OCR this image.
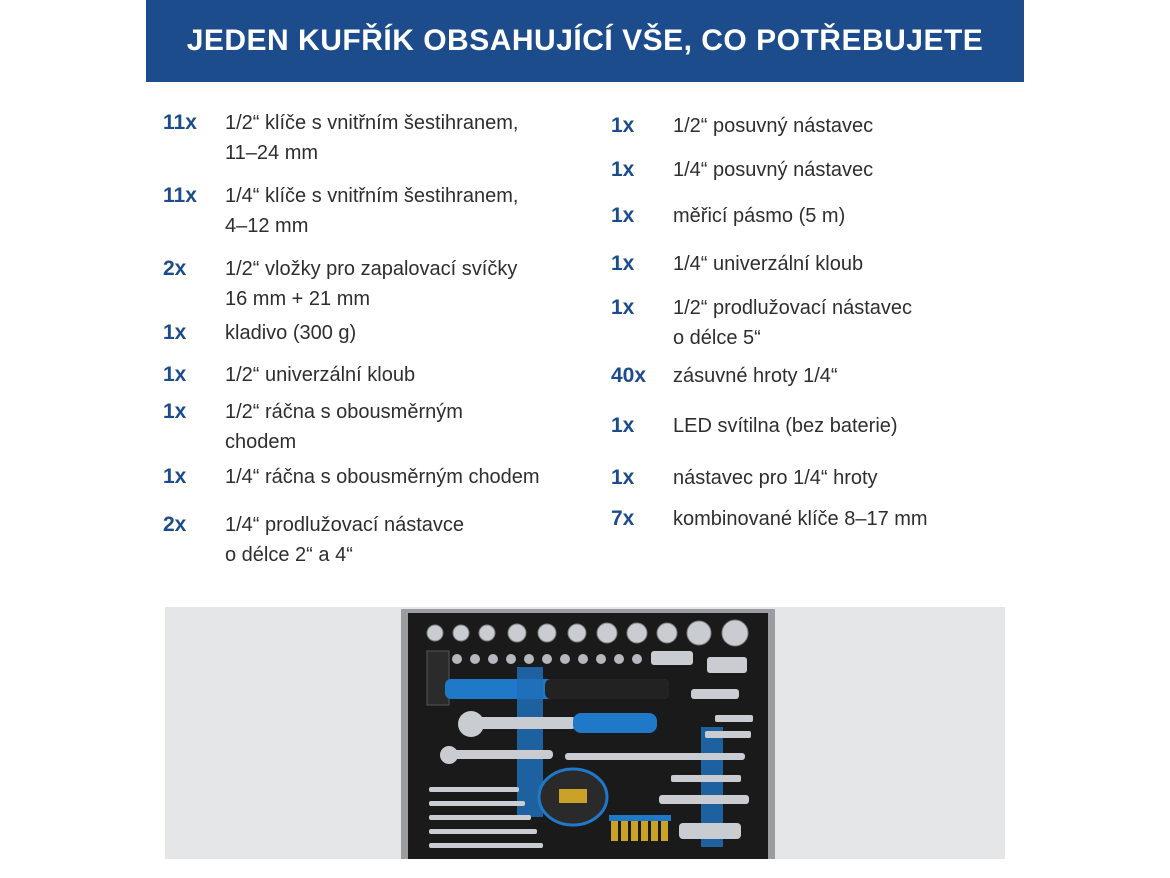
JEDEN KUFŘÍK OBSAHUJÍCÍ VŠE, CO POTŘEBUJETE
11x	1/2“ klíče s vnitřním šestihranem,
11–24 mm
11x	1/4“ klíče s vnitřním šestihranem,
4–12 mm
2x	1/2“ vložky pro zapalovací svíčky
16 mm + 21 mm
1x	kladivo (300 g)
1x	1/2“ univerzální kloub
1x	1/2“ ráčna s obousměrným
chodem
1x	1/4“ ráčna s obousměrným chodem
2x	1/4“ prodlužovací nástavce
o délce 2“ a 4“
1x	1/2“ posuvný nástavec
1x	1/4“ posuvný nástavec
1x	měřicí pásmo (5 m)
1x	1/4“ univerzální kloub
1x	1/2“ prodlužovací nástavec
o délce 5“
40x	zásuvné hroty 1/4“
1x	LED svítilna (bez baterie)
1x	nástavec pro 1/4“ hroty
7x	kombinované klíče 8–17 mm
